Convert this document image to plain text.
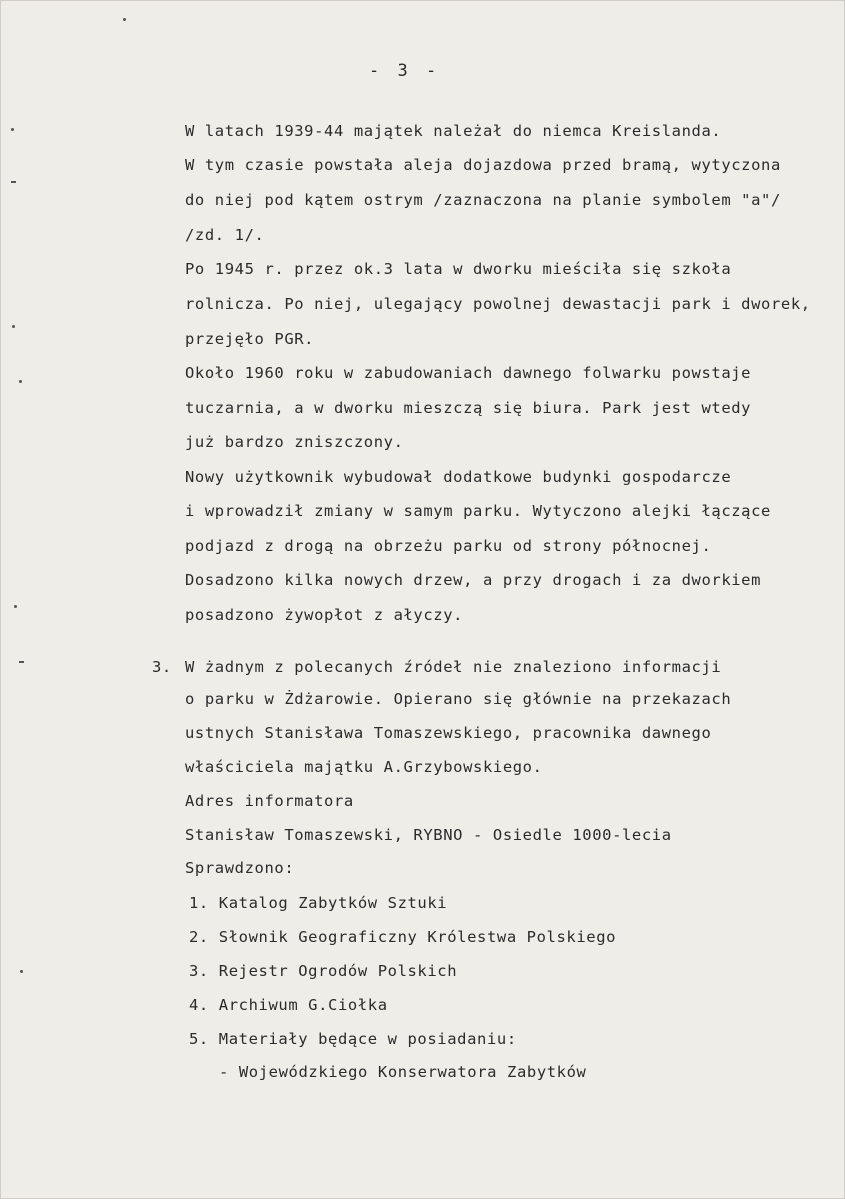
- 3 -
W latach 1939-44 majątek należał do niemca Kreislanda.
W tym czasie powstała aleja dojazdowa przed bramą, wytyczona
do niej pod kątem ostrym /zaznaczona na planie symbolem "a"/
/zd. 1/.
Po 1945 r. przez ok.3 lata w dworku mieściła się szkoła
rolnicza. Po niej, ulegający powolnej dewastacji park i dworek,
przejęło PGR.
Około 1960 roku w zabudowaniach dawnego folwarku powstaje
tuczarnia, a w dworku mieszczą się biura. Park jest wtedy
już bardzo zniszczony.
Nowy użytkownik wybudował dodatkowe budynki gospodarcze
i wprowadził zmiany w samym parku. Wytyczono alejki łączące
podjazd z drogą na obrzeżu parku od strony północnej.
Dosadzono kilka nowych drzew, a przy drogach i za dworkiem
posadzono żywopłot z ałyczy.
3. W żadnym z polecanych źródeł nie znaleziono informacji
o parku w Żdżarowie. Opierano się głównie na przekazach
ustnych Stanisława Tomaszewskiego, pracownika dawnego
właściciela majątku A.Grzybowskiego.
Adres informatora
Stanisław Tomaszewski, RYBNO - Osiedle 1000-lecia
Sprawdzono:
1. Katalog Zabytków Sztuki
2. Słownik Geograficzny Królestwa Polskiego
3. Rejestr Ogrodów Polskich
4. Archiwum G.Ciołka
5. Materiały będące w posiadaniu:
- Wojewódzkiego Konserwatora Zabytków
